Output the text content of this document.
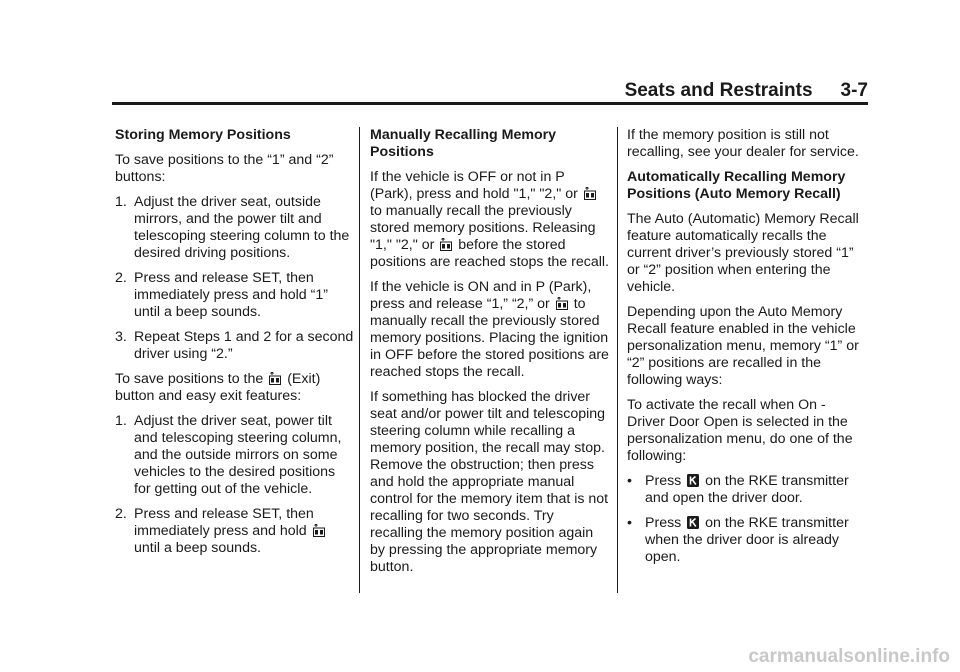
Seats and Restraints 3-7

Storing Memory Positions

To save positions to the “1” and “2” buttons:

1. Adjust the driver seat, outside mirrors, and the power tilt and telescoping steering column to the desired driving positions.
2. Press and release SET, then immediately press and hold “1” until a beep sounds.
3. Repeat Steps 1 and 2 for a second driver using “2.”

To save positions to the (Exit) button and easy exit features:

1. Adjust the driver seat, power tilt and telescoping steering column, and the outside mirrors on some vehicles to the desired positions for getting out of the vehicle.
2. Press and release SET, then immediately press and hold  until a beep sounds.

Manually Recalling Memory Positions

If the vehicle is OFF or not in P (Park), press and hold "1," "2," or  to manually recall the previously stored memory positions. Releasing "1," "2," or before the stored positions are reached stops the recall.

If the vehicle is ON and in P (Park), press and release “1,” “2,” or to manually recall the previously stored memory positions. Placing the ignition in OFF before the stored positions are reached stops the recall.

If something has blocked the driver seat and/or power tilt and telescoping steering column while recalling a memory position, the recall may stop. Remove the obstruction; then press and hold the appropriate manual control for the memory item that is not recalling for two seconds. Try recalling the memory position again by pressing the appropriate memory button.

If the memory position is still not recalling, see your dealer for service.

Automatically Recalling Memory Positions (Auto Memory Recall)

The Auto (Automatic) Memory Recall feature automatically recalls the current driver’s previously stored “1” or “2” position when entering the vehicle.

Depending upon the Auto Memory Recall feature enabled in the vehicle personalization menu, memory “1” or “2” positions are recalled in the following ways:

To activate the recall when On - Driver Door Open is selected in the personalization menu, do one of the following:

• Press on the RKE transmitter and open the driver door.
• Press on the RKE transmitter when the driver door is already open.
carmanualsonline.info
